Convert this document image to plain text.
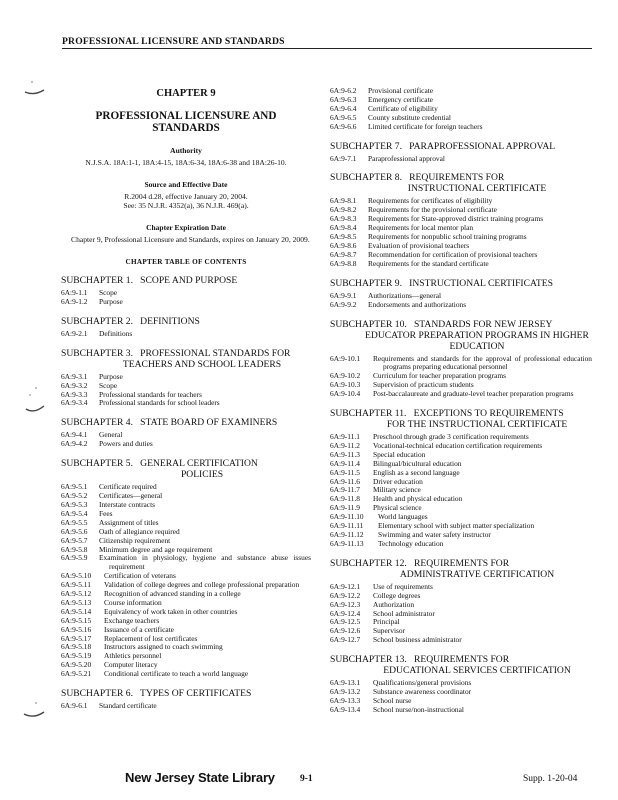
PROFESSIONAL LICENSURE AND STANDARDS
CHAPTER 9
PROFESSIONAL LICENSURE AND STANDARDS
Authority
N.J.S.A. 18A:1-1, 18A:4-15, 18A:6-34, 18A:6-38 and 18A:26-10.
Source and Effective Date
R.2004 d.28, effective January 20, 2004.
See: 35 N.J.R. 4352(a), 36 N.J.R. 469(a).
Chapter Expiration Date
Chapter 9, Professional Licensure and Standards, expires on January 20, 2009.
CHAPTER TABLE OF CONTENTS
SUBCHAPTER 1.   SCOPE AND PURPOSE
6A:9-1.1	Scope
6A:9-1.2	Purpose
SUBCHAPTER 2.   DEFINITIONS
6A:9-2.1	Definitions
SUBCHAPTER 3.   PROFESSIONAL STANDARDS FOR
TEACHERS AND SCHOOL LEADERS
6A:9-3.1	Purpose
6A:9-3.2	Scope
6A:9-3.3	Professional standards for teachers
6A:9-3.4	Professional standards for school leaders
SUBCHAPTER 4.   STATE BOARD OF EXAMINERS
6A:9-4.1	General
6A:9-4.2	Powers and duties
SUBCHAPTER 5.   GENERAL CERTIFICATION
POLICIES
6A:9-5.1	Certificate required
6A:9-5.2	Certificates—general
6A:9-5.3	Interstate contracts
6A:9-5.4	Fees
6A:9-5.5	Assignment of titles
6A:9-5.6	Oath of allegiance required
6A:9-5.7	Citizenship requirement
6A:9-5.8	Minimum degree and age requirement
6A:9-5.9	Examination in physiology, hygiene and substance abuse issues requirement
6A:9-5.10	Certification of veterans
6A:9-5.11	Validation of college degrees and college professional preparation
6A:9-5.12	Recognition of advanced standing in a college
6A:9-5.13	Course information
6A:9-5.14	Equivalency of work taken in other countries
6A:9-5.15	Exchange teachers
6A:9-5.16	Issuance of a certificate
6A:9-5.17	Replacement of lost certificates
6A:9-5.18	Instructors assigned to coach swimming
6A:9-5.19	Athletics personnel
6A:9-5.20	Computer literacy
6A:9-5.21	Conditional certificate to teach a world language
SUBCHAPTER 6.   TYPES OF CERTIFICATES
6A:9-6.1	Standard certificate
6A:9-6.2	Provisional certificate
6A:9-6.3	Emergency certificate
6A:9-6.4	Certificate of eligibility
6A:9-6.5	County substitute credential
6A:9-6.6	Limited certificate for foreign teachers
SUBCHAPTER 7.   PARAPROFESSIONAL APPROVAL
6A:9-7.1	Paraprofessional approval
SUBCHAPTER 8.   REQUIREMENTS FOR
INSTRUCTIONAL CERTIFICATE
6A:9-8.1	Requirements for certificates of eligibility
6A:9-8.2	Requirements for the provisional certificate
6A:9-8.3	Requirements for State-approved district training programs
6A:9-8.4	Requirements for local mentor plan
6A:9-8.5	Requirements for nonpublic school training programs
6A:9-8.6	Evaluation of provisional teachers
6A:9-8.7	Recommendation for certification of provisional teachers
6A:9-8.8	Requirements for the standard certificate
SUBCHAPTER 9.   INSTRUCTIONAL CERTIFICATES
6A:9-9.1	Authorizations—general
6A:9-9.2	Endorsements and authorizations
SUBCHAPTER 10.   STANDARDS FOR NEW JERSEY
EDUCATOR PREPARATION PROGRAMS IN HIGHER EDUCATION
6A:9-10.1	Requirements and standards for the approval of professional education programs preparing educational personnel
6A:9-10.2	Curriculum for teacher preparation programs
6A:9-10.3	Supervision of practicum students
6A:9-10.4	Post-baccalaureate and graduate-level teacher preparation programs
SUBCHAPTER 11.   EXCEPTIONS TO REQUIREMENTS
FOR THE INSTRUCTIONAL CERTIFICATE
6A:9-11.1	Preschool through grade 3 certification requirements
6A:9-11.2	Vocational-technical education certification requirements
6A:9-11.3	Special education
6A:9-11.4	Bilingual/bicultural education
6A:9-11.5	English as a second language
6A:9-11.6	Driver education
6A:9-11.7	Military science
6A:9-11.8	Health and physical education
6A:9-11.9	Physical science
6A:9-11.10	World languages
6A:9-11.11	Elementary school with subject matter specialization
6A:9-11.12	Swimming and water safety instructor
6A:9-11.13	Technology education
SUBCHAPTER 12.   REQUIREMENTS FOR
ADMINISTRATIVE CERTIFICATION
6A:9-12.1	Use of requirements
6A:9-12.2	College degrees
6A:9-12.3	Authorization
6A:9-12.4	School administrator
6A:9-12.5	Principal
6A:9-12.6	Supervisor
6A:9-12.7	School business administrator
SUBCHAPTER 13.   REQUIREMENTS FOR
EDUCATIONAL SERVICES CERTIFICATION
6A:9-13.1	Qualifications/general provisions
6A:9-13.2	Substance awareness coordinator
6A:9-13.3	School nurse
6A:9-13.4	School nurse/non-instructional
New Jersey State Library	9-1	Supp. 1-20-04
